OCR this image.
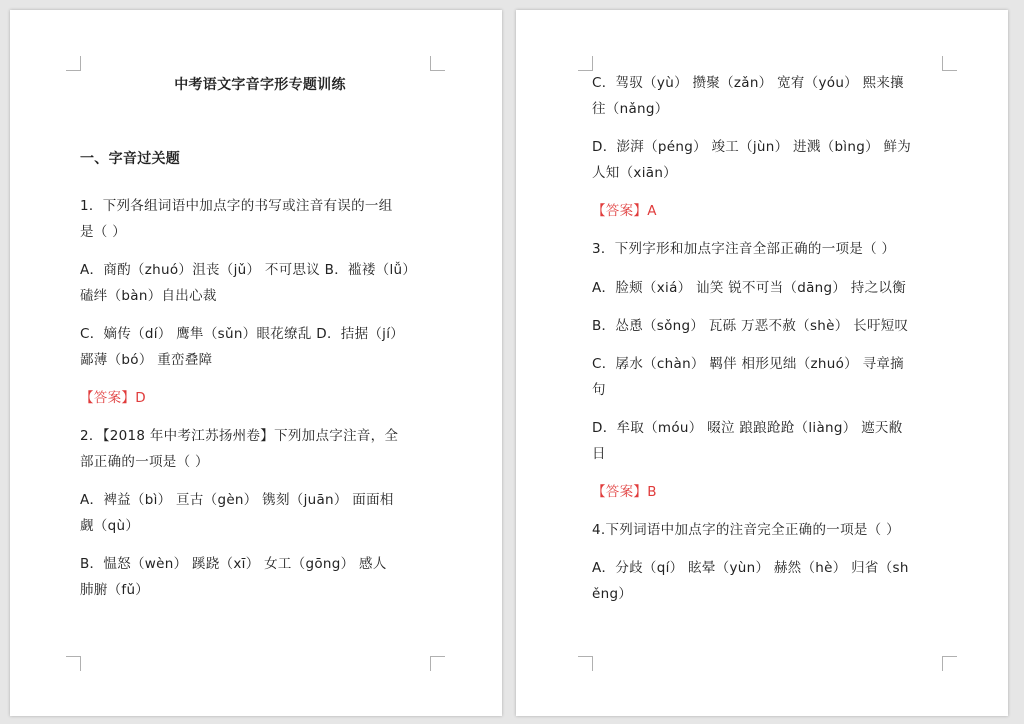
中考语文字音字形专题训练
一、字音过关题
1．下列各组词语中加点字的书写或注音有误的一组
是（ ）
A．商酌（zhuó）沮丧（jǔ） 不可思议 B．褴褛（lǚ）
磕绊（bàn）自出心裁
C．嫡传（dí） 鹰隼（sǔn）眼花缭乱 D．拮据（jí）
鄙薄（bó） 重峦叠障
【答案】D
2．【2018 年中考江苏扬州卷】下列加点字注音，全
部正确的一项是（ ）
A．裨益（bì） 亘古（gèn） 镌刻（juān） 面面相
觑（qù）
B．愠怒（wèn） 蹊跷（xī） 女工（gōng） 感人
肺腑（fǔ）
C．驾驭（yù） 攒聚（zǎn） 宽宥（yóu） 熙来攘
往（nǎng）
D．澎湃（péng） 竣工（jùn） 进溅（bìng） 鲜为
人知（xiān）
【答案】A
3．下列字形和加点字注音全部正确的一项是（ ）
A．脸颊（xiá） 讪笑 锐不可当（dāng） 持之以衡
B．怂恿（sǒng） 瓦砾 万恶不赦（shè） 长吁短叹
C．孱水（chàn） 羁伴 相形见绌（zhuó） 寻章摘
句
D．牟取（móu） 啜泣 踉踉跄跄（liàng） 遮天敝
日
【答案】B
4.下列词语中加点字的注音完全正确的一项是（ ）
A．分歧（qí） 眩晕（yùn） 赫然（hè） 归省（sh
ěng）
